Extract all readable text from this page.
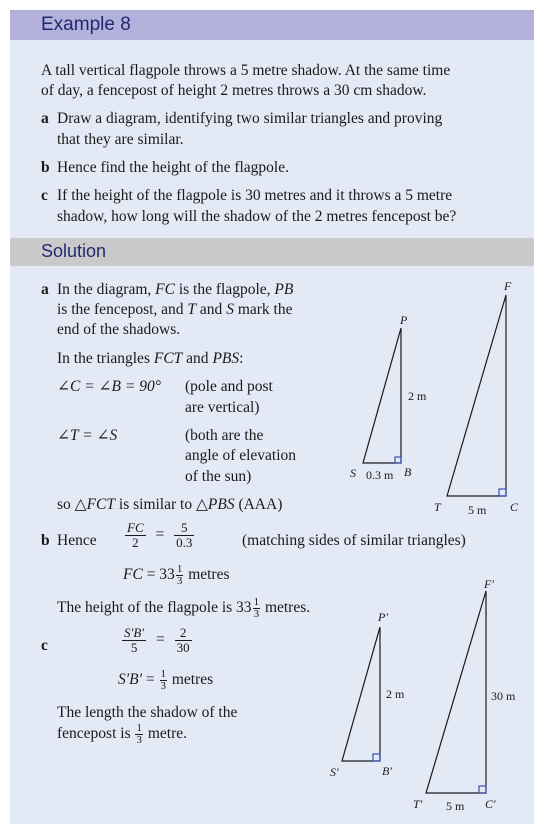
Example 8
A tall vertical flagpole throws a 5 metre shadow. At the same time
of day, a fencepost of height 2 metres throws a 30 cm shadow.
a Draw a diagram, identifying two similar triangles and proving
that they are similar.
b Hence find the height of the flagpole.
c If the height of the flagpole is 30 metres and it throws a 5 metre
shadow, how long will the shadow of the 2 metres fencepost be?
Solution
a In the diagram, FC is the flagpole, PB
is the fencepost, and T and S mark the
end of the shadows.
In the triangles FCT and PBS:
∠C = ∠B = 90° (pole and post
are vertical)
∠T = ∠S	(both are the
angle of elevation
of the sun)
so △FCT is similar to △PBS (AAA)
b Hence $\frac{FC}{2} = \frac{5}{0.3}$	(matching sides of similar triangles)
FC = $33 \frac{1}{3}$ metres
The height of the flagpole is $33 \frac{1}{3}$ metres.
c	$\frac{S'B'}{5} = \frac{2}{30}$
$S'B' = \frac{1}{3}$ metres
The length the shadow of the
fencepost is $\frac{1}{3}$ metre.
P
S	B
2 m
0.3 m
F
T	C
5 m
P′
S′	B′
2 m
F′
T′	C′
30 m
5 m
